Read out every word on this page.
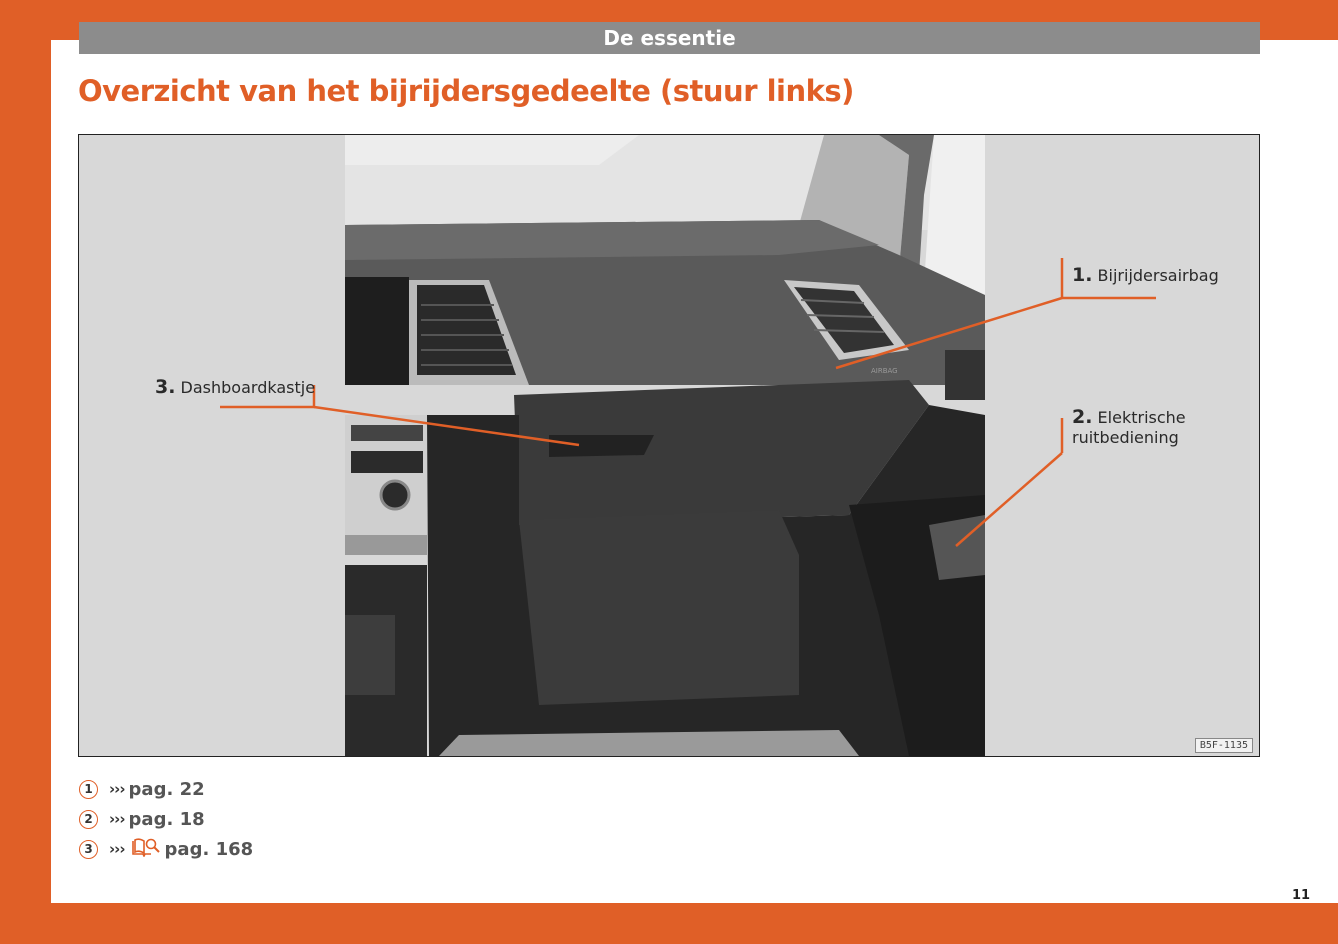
De essentie
Overzicht van het bijrijdersgedeelte (stuur links)
AIRBAG
1. Bijrijdersairbag
2. Elektrische
ruitbediening
3. Dashboardkastje
B5F-1135
1	››› pag. 22
2	››› pag. 18
3	››› pag. 168
11
